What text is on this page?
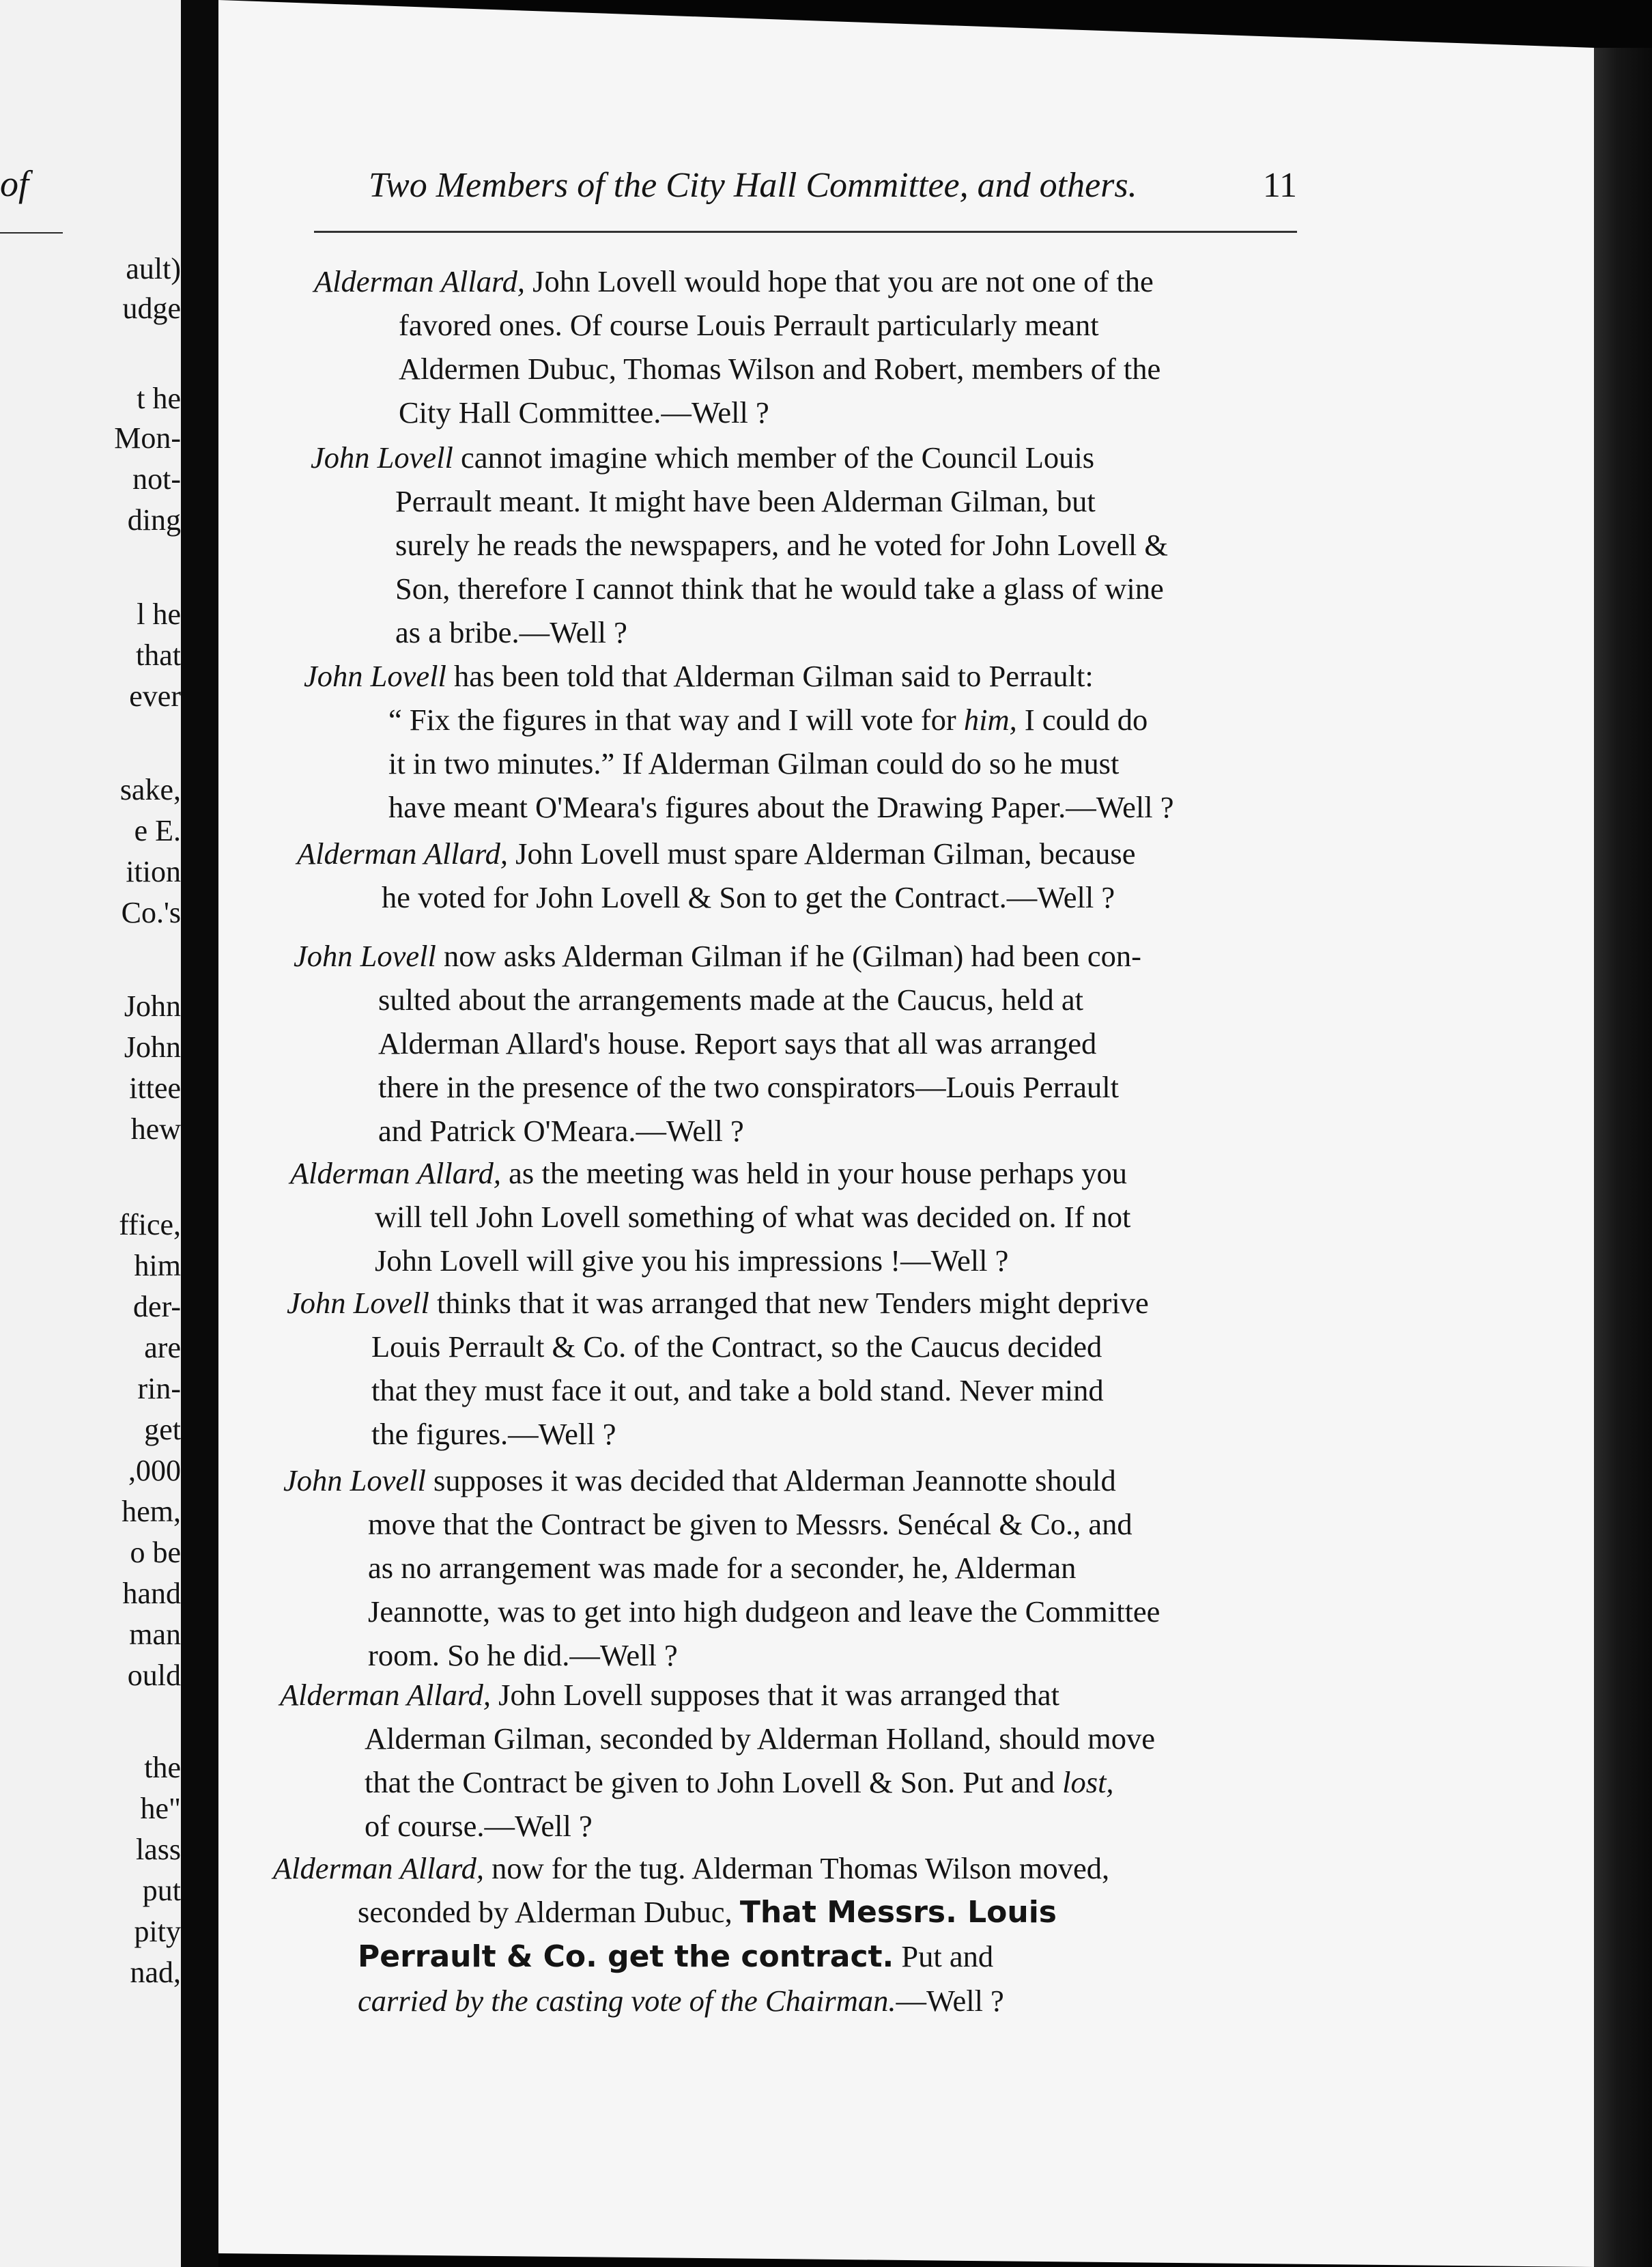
of
ault)
udge
t he
Mon-
not-
ding
l he
that
ever
sake,
e E.
ition
Co.'s
John
John
ittee
hew
ffice,
him
der-
are
rin-
get
,000
hem,
o be
hand
man
ould
the
he"
lass
put
pity
nad,
Two Members of the City Hall Committee, and others.	11
Alderman Allard, John Lovell would hope that you are not one of the
favored ones. Of course Louis Perrault particularly meant
Aldermen Dubuc, Thomas Wilson and Robert, members of the
City Hall Committee.—Well ?
John Lovell cannot imagine which member of the Council Louis
Perrault meant. It might have been Alderman Gilman, but
surely he reads the newspapers, and he voted for John Lovell &
Son, therefore I cannot think that he would take a glass of wine
as a bribe.—Well ?
John Lovell has been told that Alderman Gilman said to Perrault:
“ Fix the figures in that way and I will vote for him, I could do
it in two minutes.” If Alderman Gilman could do so he must
have meant O'Meara's figures about the Drawing Paper.—Well ?
Alderman Allard, John Lovell must spare Alderman Gilman, because
he voted for John Lovell & Son to get the Contract.—Well ?
John Lovell now asks Alderman Gilman if he (Gilman) had been con-
sulted about the arrangements made at the Caucus, held at
Alderman Allard's house. Report says that all was arranged
there in the presence of the two conspirators—Louis Perrault
and Patrick O'Meara.—Well ?
Alderman Allard, as the meeting was held in your house perhaps you
will tell John Lovell something of what was decided on. If not
John Lovell will give you his impressions !—Well ?
John Lovell thinks that it was arranged that new Tenders might deprive
Louis Perrault & Co. of the Contract, so the Caucus decided
that they must face it out, and take a bold stand. Never mind
the figures.—Well ?
John Lovell supposes it was decided that Alderman Jeannotte should
move that the Contract be given to Messrs. Senécal & Co., and
as no arrangement was made for a seconder, he, Alderman
Jeannotte, was to get into high dudgeon and leave the Committee
room. So he did.—Well ?
Alderman Allard, John Lovell supposes that it was arranged that
Alderman Gilman, seconded by Alderman Holland, should move
that the Contract be given to John Lovell & Son. Put and lost,
of course.—Well ?
Alderman Allard, now for the tug. Alderman Thomas Wilson moved,
seconded by Alderman Dubuc, That Messrs. Louis
Perrault & Co. get the contract. Put and
carried by the casting vote of the Chairman.—Well ?
